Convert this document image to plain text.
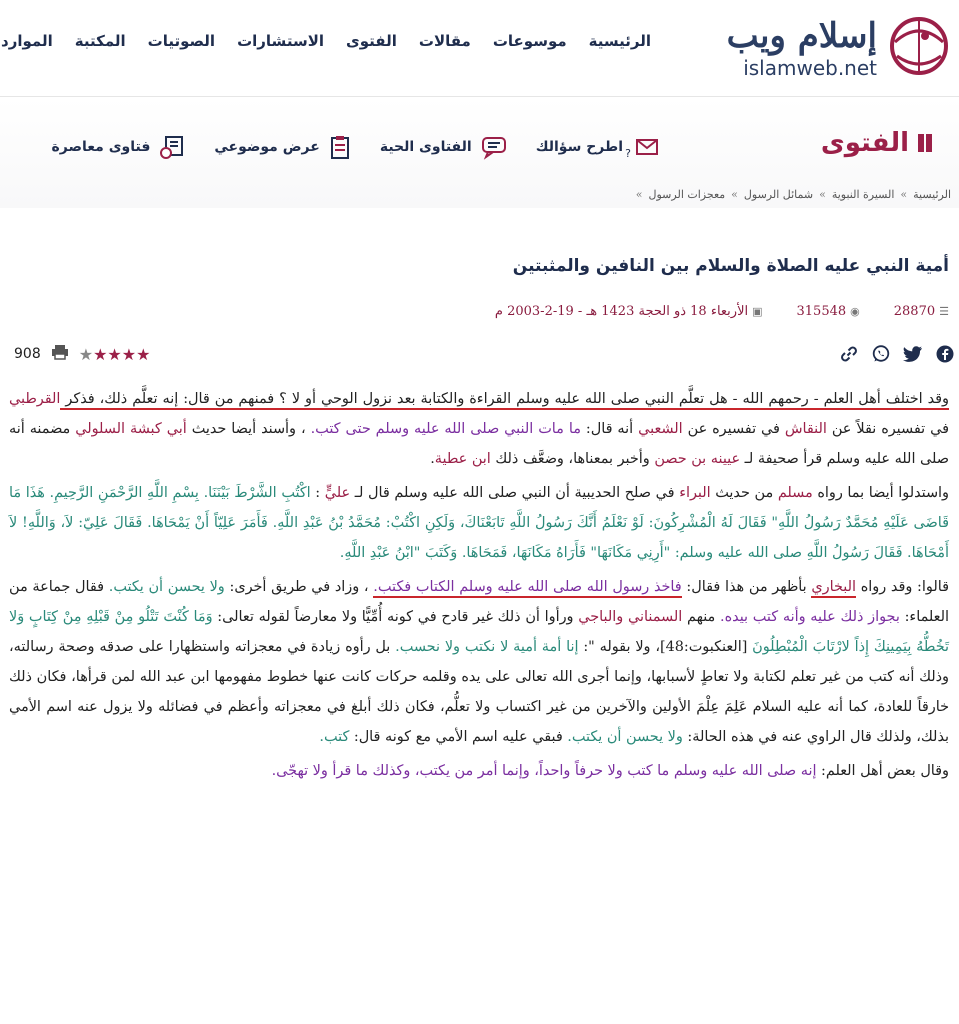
إسلام ويب
islamweb.net
الرئيسية
موسوعات
مقالات
الفتوى
الاستشارات
الصوتيات
المكتبة
الموارد
الفتوى
?
اطرح سؤالك
الفتاوى الحية
عرض موضوعي
فتاوى معاصرة
الرئيسية
»
السيرة النبوية
»
شمائل الرسول
»
معجزات الرسول
»
أمية النبي عليه الصلاة والسلام بين النافين والمثبتين
☰
28870
◉
315548
▣
الأربعاء 18 ذو الحجة 1423 هـ - 19-2-2003 م
908 ★★★★★

وقد اختلف أهل العلم - رحمهم الله - هل تعلَّم النبي صلى الله عليه وسلم القراءة والكتابة بعد نزول الوحي أو لا ؟ فمنهم من قال: إنه تعلَّم ذلك، فذكر القرطبي في تفسيره نقلاً عن النقاش في تفسيره عن الشعبي أنه قال: ما مات النبي صلى الله عليه وسلم حتى كتب. ، وأسند أيضا حديث أبي كبشة السلولي مضمنه أنه صلى الله عليه وسلم قرأ صحيفة لـ عيينه بن حصن وأخبر بمعناها، وضعَّف ذلك ابن عطية.

واستدلوا أيضا بما رواه مسلم من حديث البراء في صلح الحديبية أن النبي صلى الله عليه وسلم قال لـ عليٍّ : اكْتُبِ الشَّرْطَ بَيْنَنَا. بِسْمِ اللَّهِ الرَّحْمَنِ الرَّحِيمِ. هَذَا مَا قَاضَى عَلَيْهِ مُحَمَّدٌ رَسُولُ اللَّهِ" فَقَالَ لَهُ الْمُشْرِكُونَ: لَوْ نَعْلَمُ أَنَّكَ رَسُولُ اللَّهِ تَابَعْنَاكَ، وَلَكِنِ اكْتُبْ: مُحَمَّدُ بْنُ عَبْدِ اللَّهِ. فَأَمَرَ عَلِيّاً أَنْ يَمْحَاهَا. فَقَالَ عَلِيّ: لاَ، وَاللَّهِ! لاَ أَمْحَاهَا. فَقَالَ رَسُولُ اللَّهِ صلى الله عليه وسلم: "أَرِنِي مَكَانَهَا" فَأَرَاهُ مَكَانَهَا، فَمَحَاهَا. وَكَتَبَ "ابْنُ عَبْدِ اللَّهِ.

قالوا: وقد رواه البخاري بأظهر من هذا فقال: فاخذ رسول الله صلى الله عليه وسلم الكتاب فكتب. ، وزاد في طريق أخرى: ولا يحسن أن يكتب. فقال جماعة من العلماء: بجواز ذلك عليه وأنه كتب بيده. منهم السمناني والباجي ورأوا أن ذلك غير قادح في كونه أُمِّيًّا ولا معارضاً لقوله تعالى: وَمَا كُنْتَ تَتْلُو مِنْ قَبْلِهِ مِنْ كِتَابٍ وَلا تَخُطُّهُ بِيَمِينِكَ إِذاً لارْتَابَ الْمُبْطِلُونَ [العنكبوت:48]، ولا بقوله ": إنا أمة أمية لا نكتب ولا نحسب. بل رأوه زيادة في معجزاته واستظهارا على صدقه وصحة رسالته، وذلك أنه كتب من غير تعلم لكتابة ولا تعاطٍ لأسبابها، وإنما أجرى الله تعالى على يده وقلمه حركات كانت عنها خطوط مفهومها ابن عبد الله لمن قرأها، فكان ذلك خارقاً للعادة، كما أنه عليه السلام عَلِمَ عِلْمَ الأولين والآخرين من غير اكتساب ولا تعلُّم، فكان ذلك أبلغ في معجزاته وأعظم في فضائله ولا يزول عنه اسم الأمي بذلك، ولذلك قال الراوي عنه في هذه الحالة: ولا يحسن أن يكتب. فبقي عليه اسم الأمي مع كونه قال: كتب.

وقال بعض أهل العلم: إنه صلى الله عليه وسلم ما كتب ولا حرفاً واحداً، وإنما أمر من يكتب، وكذلك ما قرأ ولا تهجّى.
